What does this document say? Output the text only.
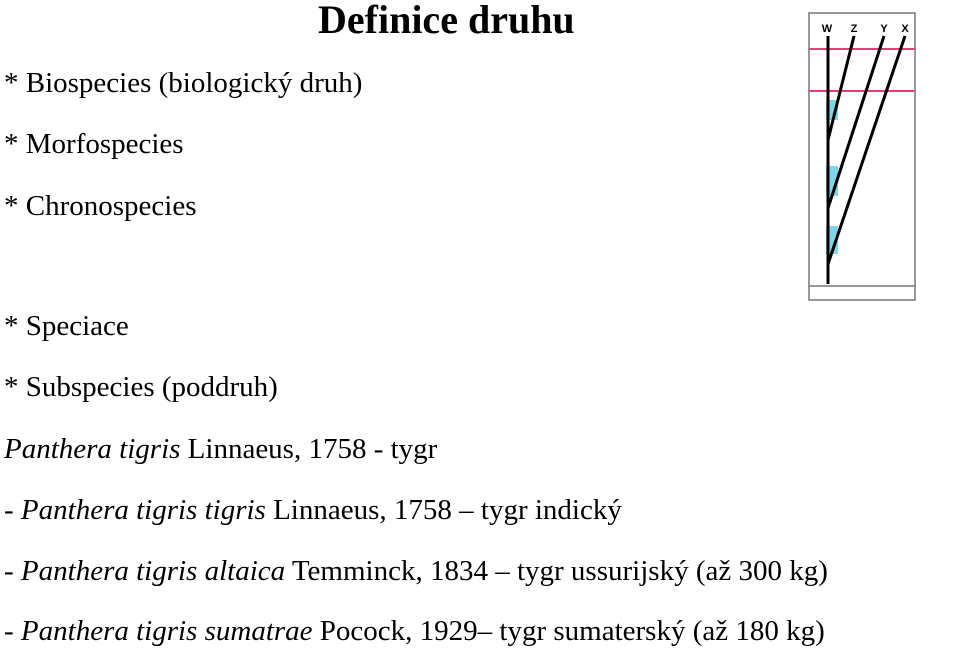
Definice druhu
* Biospecies (biologický druh)
* Morfospecies
* Chronospecies
* Speciace
* Subspecies (poddruh)
Panthera tigris Linnaeus, 1758 - tygr
- Panthera tigris tigris Linnaeus, 1758 – tygr indický
- Panthera tigris altaica Temminck, 1834 – tygr ussurijský (až 300 kg)
- Panthera tigris sumatrae Pocock, 1929– tygr sumaterský (až 180 kg)
W Z Y X
